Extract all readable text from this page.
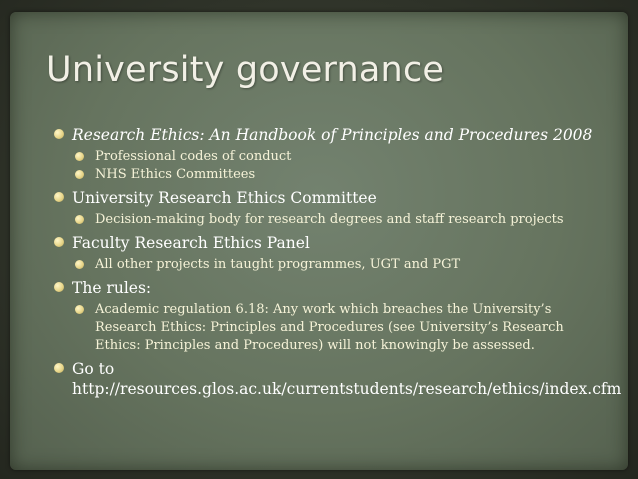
University governance
Research Ethics: An Handbook of Principles and Procedures 2008
Professional codes of conduct
NHS Ethics Committees
University Research Ethics Committee
Decision-making body for research degrees and staff research projects
Faculty Research Ethics Panel
All other projects in taught programmes, UGT and PGT
The rules:
Academic regulation 6.18: Any work which breaches the University’s
Research Ethics: Principles and Procedures (see University’s Research
Ethics: Principles and Procedures) will not knowingly be assessed.
Go to
http://resources.glos.ac.uk/currentstudents/research/ethics/index.cfm
